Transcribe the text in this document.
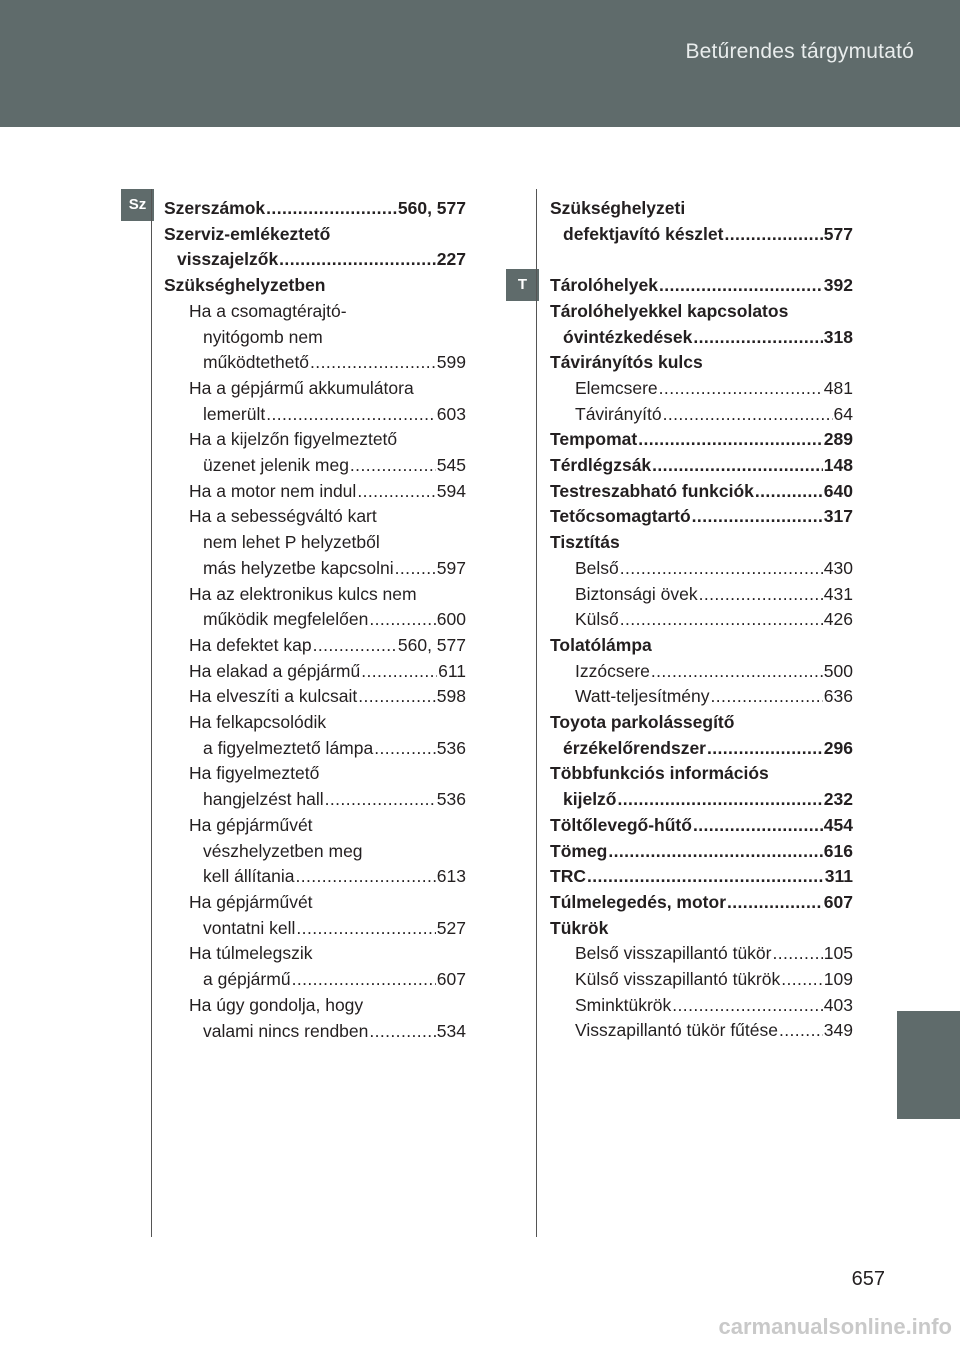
Betűrendes tárgymutató
Sz
T
Szerszámok .....	560, 577
Szerviz-emlékeztető
visszajelzők .....	227
Szükséghelyzetben
Ha a csomagtérajtó-
nyitógomb nem
működtethető .....	599
Ha a gépjármű akkumulátora
lemerült .....	603
Ha a kijelzőn figyelmeztető
üzenet jelenik meg .....	545
Ha a motor nem indul .....	594
Ha a sebességváltó kart
nem lehet P helyzetből
más helyzetbe kapcsolni ..... 597
Ha az elektronikus kulcs nem
működik megfelelően .....	600
Ha defektet kap .....	560, 577
Ha elakad a gépjármű .....	611
Ha elveszíti a kulcsait .....	598
Ha felkapcsolódik
a figyelmeztető lámpa .....	536
Ha figyelmeztető
hangjelzést hall .....	536
Ha gépjárművét
vészhelyzetben meg
kell állítania .....	613
Ha gépjárművét
vontatni kell .....	527
Ha túlmelegszik
a gépjármű .....	607
Ha úgy gondolja, hogy
valami nincs rendben .....	534
Szükséghelyzeti
defektjavító készlet .....	577
Tárolóhelyek .....	392
Tárolóhelyekkel kapcsolatos
óvintézkedések .....	318
Távirányítós kulcs
Elemcsere .....	481
Távirányító .....	64
Tempomat .....	289
Térdlégzsák .....	148
Testreszabható funkciók .....	640
Tetőcsomagtartó .....	317
Tisztítás
Belső .....	430
Biztonsági övek .....	431
Külső .....	426
Tolatólámpa
Izzócsere .....	500
Watt-teljesítmény .....	636
Toyota parkolássegítő
érzékelőrendszer .....	296
Többfunkciós információs
kijelző .....	232
Töltőlevegő-hűtő .....	454
Tömeg .....	616
TRC .....	311
Túlmelegedés, motor .....	607
Tükrök
Belső visszapillantó tükör .....	105
Külső visszapillantó tükrök ..... 109
Sminktükrök .....	403
Visszapillantó tükör fűtése .....	349
657
carmanualsonline.info
